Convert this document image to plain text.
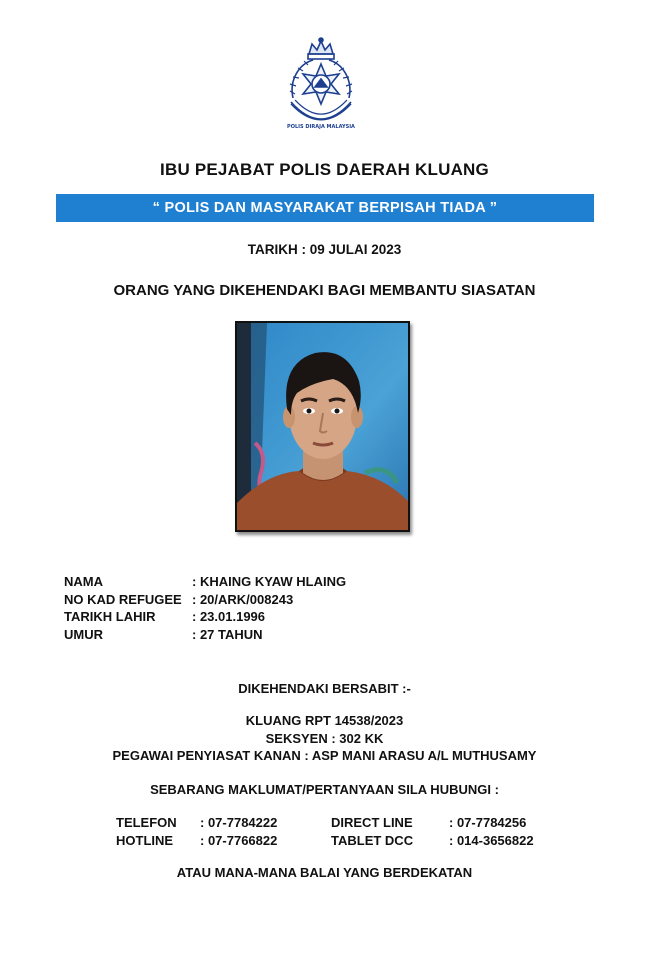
POLIS DIRAJA MALAYSIA
IBU PEJABAT POLIS DAERAH KLUANG
“ POLIS DAN MASYARAKAT BERPISAH TIADA ”
TARIKH : 09 JULAI 2023
ORANG YANG DIKEHENDAKI BAGI MEMBANTU SIASATAN
NAMA	: KHAING KYAW HLAING
NO KAD REFUGEE : 20/ARK/008243
TARIKH LAHIR	: 23.01.1996
UMUR	: 27 TAHUN
DIKEHENDAKI BERSABIT :-
KLUANG RPT 14538/2023
SEKSYEN : 302 KK
PEGAWAI PENYIASAT KANAN : ASP MANI ARASU A/L MUTHUSAMY
SEBARANG MAKLUMAT/PERTANYAAN SILA HUBUNGI :
TELEFON	: 07-7784222	DIRECT LINE	: 07-7784256
HOTLINE	: 07-7766822	TABLET DCC	: 014-3656822
ATAU MANA-MANA BALAI YANG BERDEKATAN
